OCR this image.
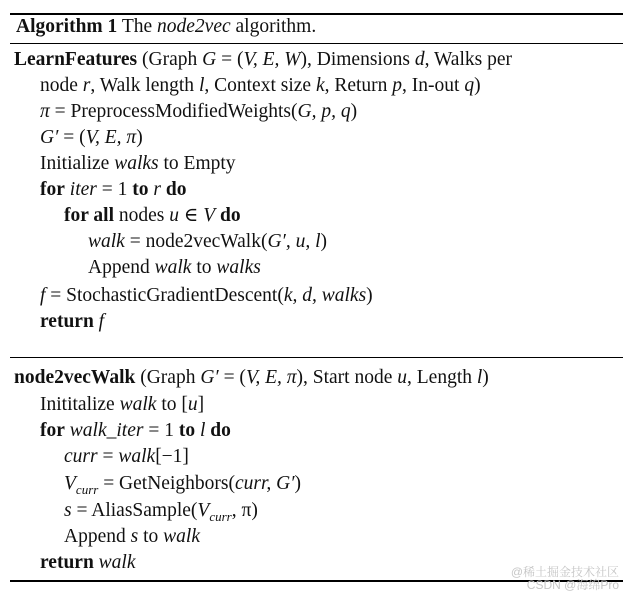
Algorithm 1 The node2vec algorithm.
LearnFeatures (Graph G = (V, E, W), Dimensions d, Walks per
node r, Walk length l, Context size k, Return p, In-out q)
π = PreprocessModifiedWeights(G, p, q)
G′ = (V, E, π)
Initialize walks to Empty
for iter = 1 to r do
for all nodes u ∈ V do
walk = node2vecWalk(G′, u, l)
Append walk to walks
f = StochasticGradientDescent(k, d, walks)
return f
node2vecWalk (Graph G′ = (V, E, π), Start node u, Length l)
Inititalize walk to [u]
for walk_iter = 1 to l do
curr = walk[−1]
$V_{curr}$ = GetNeighbors(curr, G′)
$s = AliasSample(V_{curr}$, π)
Append s to walk
return walk	@稀土掘金技术社区
CSDN @海绵Pro
